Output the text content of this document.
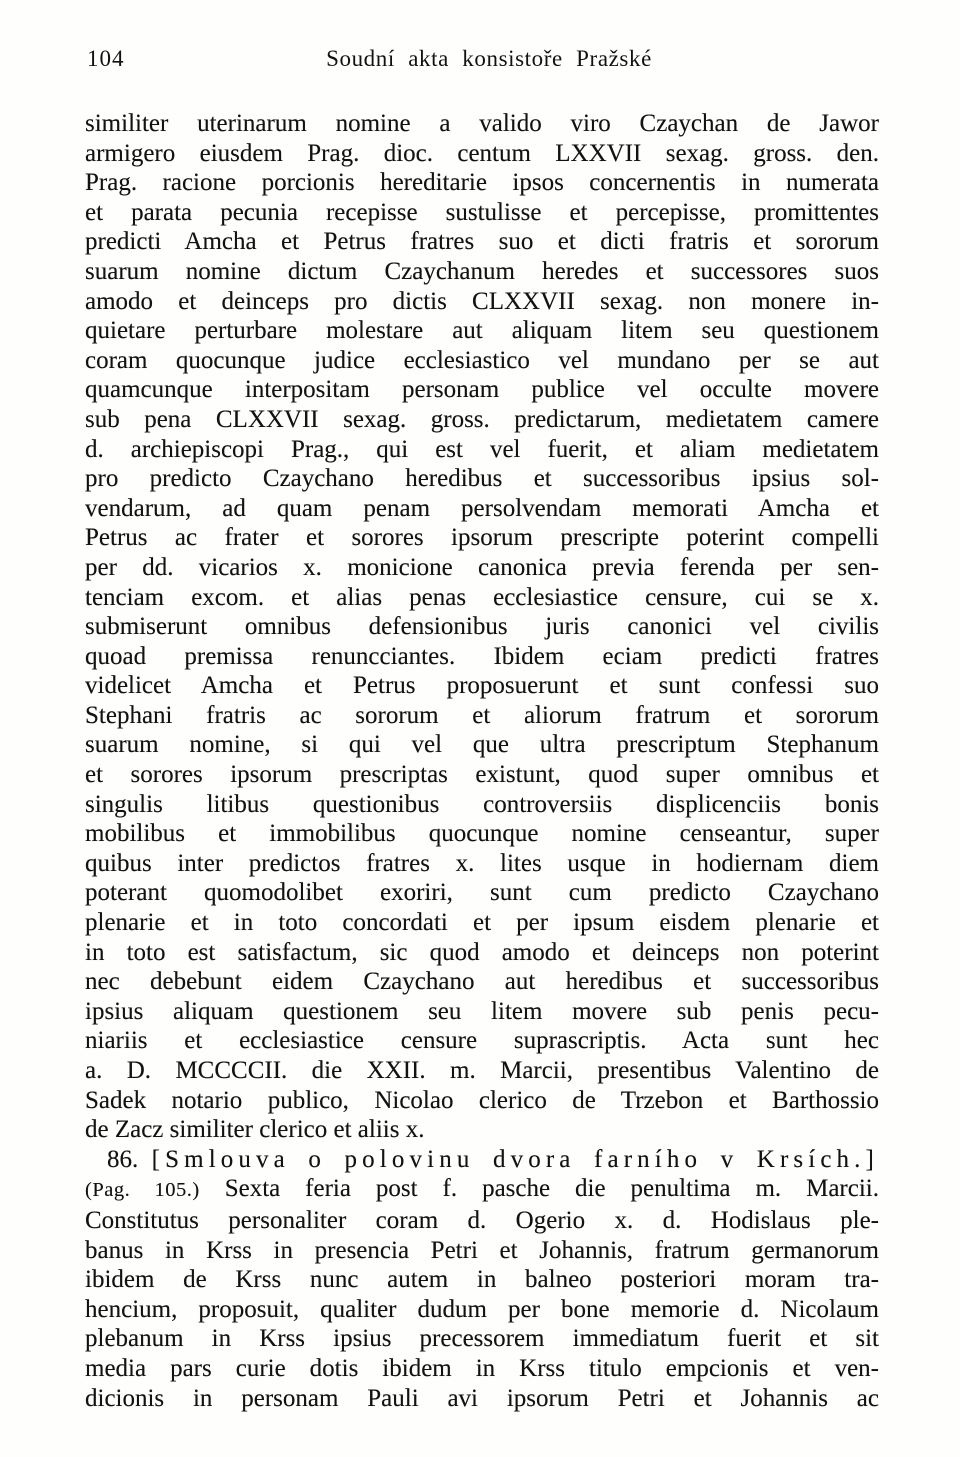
104	Soudní akta konsistoře Pražské
similiter uterinarum nomine a valido viro Czaychan de Jawor
armigero eiusdem Prag. dioc. centum LXXVII sexag. gross. den.
Prag. racione porcionis hereditarie ipsos concernentis in numerata
et parata pecunia recepisse sustulisse et percepisse, promittentes
predicti Amcha et Petrus fratres suo et dicti fratris et sororum
suarum nomine dictum Czaychanum heredes et successores suos
amodo et deinceps pro dictis CLXXVII sexag. non monere in-
quietare perturbare molestare aut aliquam litem seu questionem
coram quocunque judice ecclesiastico vel mundano per se aut
quamcunque interpositam personam publice vel occulte movere
sub pena CLXXVII sexag. gross. predictarum, medietatem camere
d. archiepiscopi Prag., qui est vel fuerit, et aliam medietatem
pro predicto Czaychano heredibus et successoribus ipsius sol-
vendarum, ad quam penam persolvendam memorati Amcha et
Petrus ac frater et sorores ipsorum prescripte poterint compelli
per dd. vicarios x. monicione canonica previa ferenda per sen-
tenciam excom. et alias penas ecclesiastice censure, cui se x.
submiserunt omnibus defensionibus juris canonici vel civilis
quoad premissa renuncciantes. Ibidem eciam predicti fratres
videlicet Amcha et Petrus proposuerunt et sunt confessi suo
Stephani fratris ac sororum et aliorum fratrum et sororum
suarum nomine, si qui vel que ultra prescriptum Stephanum
et sorores ipsorum prescriptas existunt, quod super omnibus et
singulis litibus questionibus controversiis displicenciis bonis
mobilibus et immobilibus quocunque nomine censeantur, super
quibus inter predictos fratres x. lites usque in hodiernam diem
poterant quomodolibet exoriri, sunt cum predicto Czaychano
plenarie et in toto concordati et per ipsum eisdem plenarie et
in toto est satisfactum, sic quod amodo et deinceps non poterint
nec debebunt eidem Czaychano aut heredibus et successoribus
ipsius aliquam questionem seu litem movere sub penis pecu-
niariis et ecclesiastice censure suprascriptis. Acta sunt hec
a. D. MCCCCII. die XXII. m. Marcii, presentibus Valentino de
Sadek notario publico, Nicolao clerico de Trzebon et Barthossio
de Zacz similiter clerico et aliis x.
86. [Smlouva o polovinu dvora farního v Krsích.]
(Pag. 105.) Sexta feria post f. pasche die penultima m. Marcii.
Constitutus personaliter coram d. Ogerio x. d. Hodislaus ple-
banus in Krss in presencia Petri et Johannis, fratrum germanorum
ibidem de Krss nunc autem in balneo posteriori moram tra-
hencium, proposuit, qualiter dudum per bone memorie d. Nicolaum
plebanum in Krss ipsius precessorem immediatum fuerit et sit
media pars curie dotis ibidem in Krss titulo empcionis et ven-
dicionis in personam Pauli avi ipsorum Petri et Johannis ac
